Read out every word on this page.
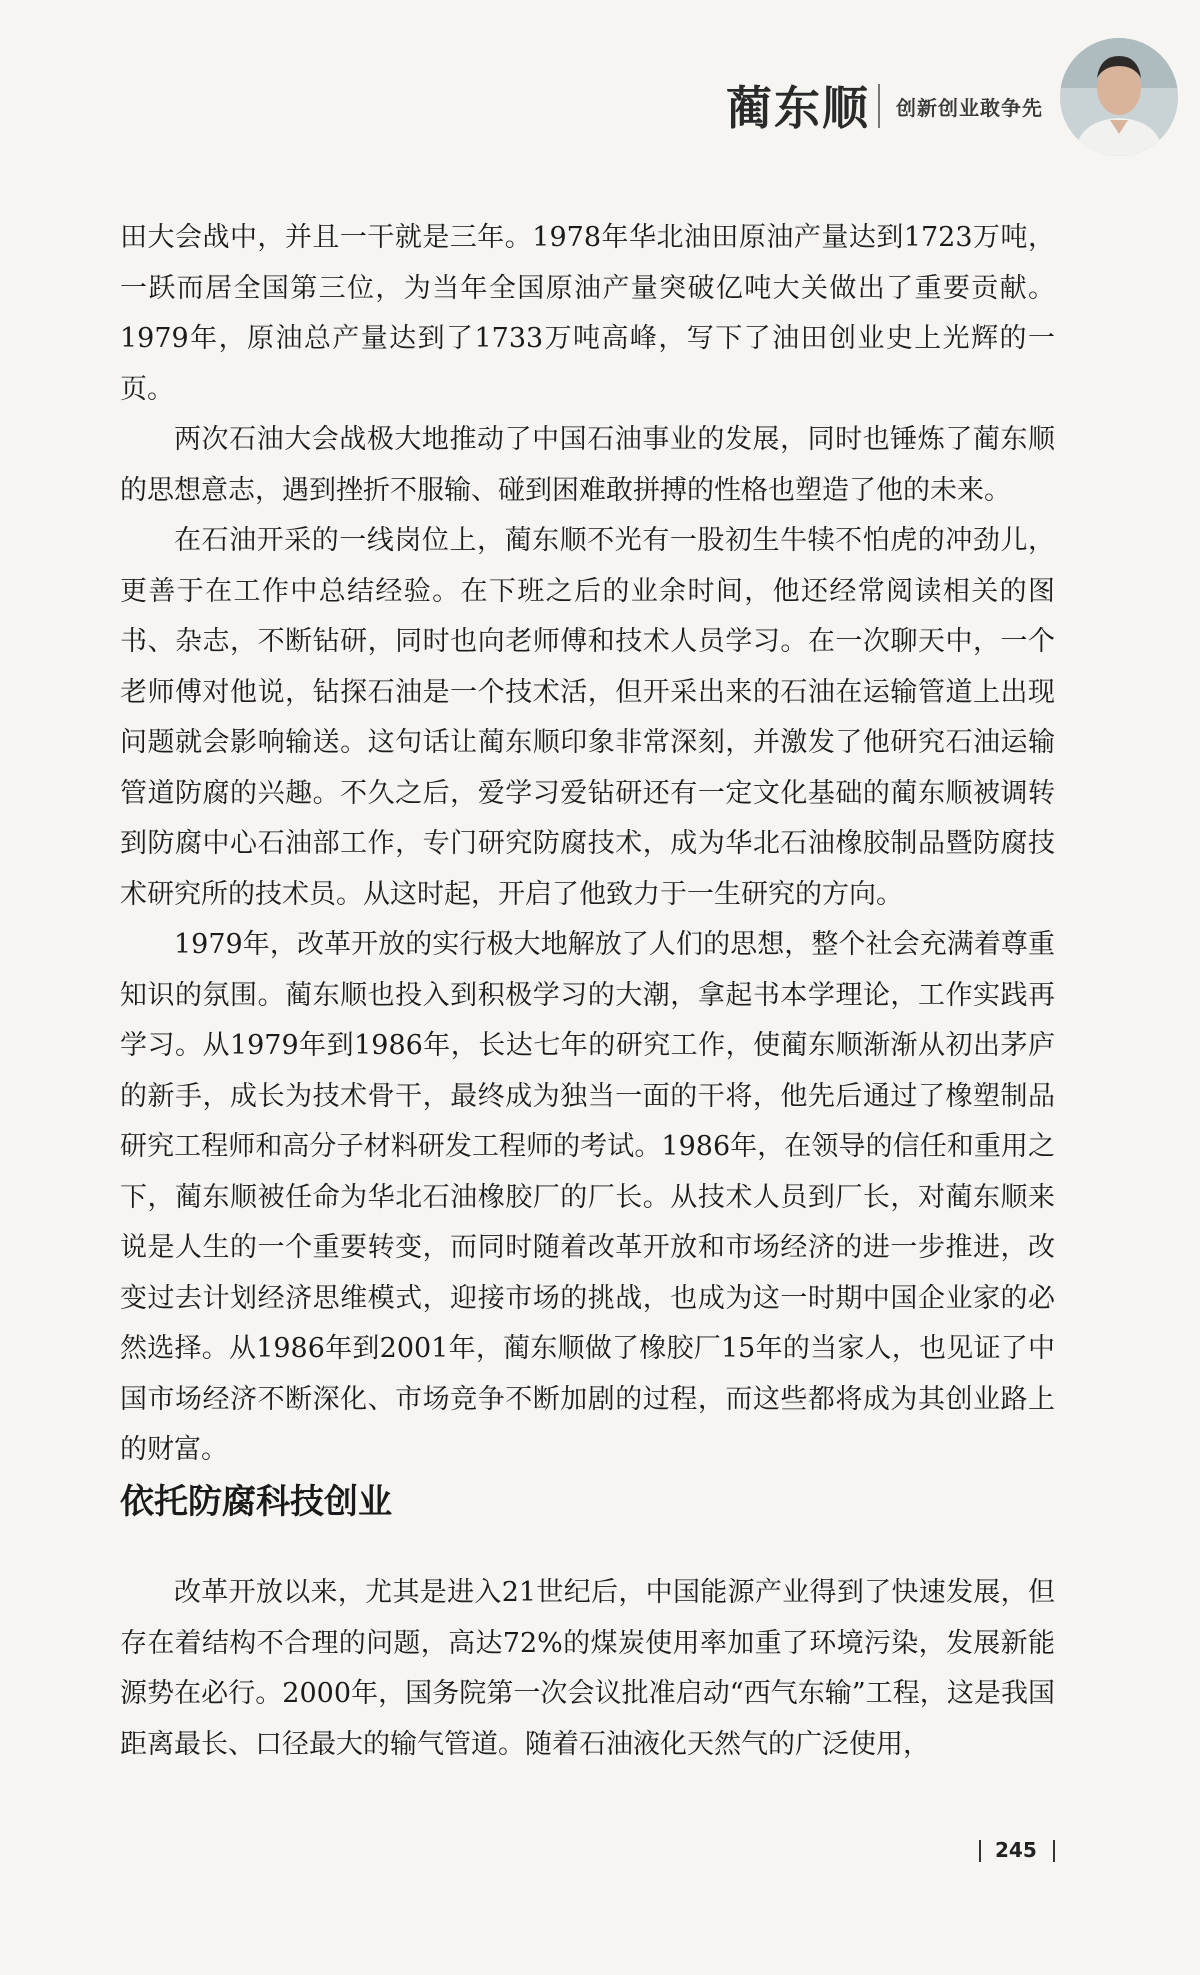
蔺东顺 创新创业敢争先

田大会战中，并且一干就是三年。1978年华北油田原油产量达到1723万吨，一跃而居全国第三位，为当年全国原油产量突破亿吨大关做出了重要贡献。1979年，原油总产量达到了1733万吨高峰，写下了油田创业史上光辉的一页。

两次石油大会战极大地推动了中国石油事业的发展，同时也锤炼了蔺东顺的思想意志，遇到挫折不服输、碰到困难敢拼搏的性格也塑造了他的未来。

在石油开采的一线岗位上，蔺东顺不光有一股初生牛犊不怕虎的冲劲儿，更善于在工作中总结经验。在下班之后的业余时间，他还经常阅读相关的图书、杂志，不断钻研，同时也向老师傅和技术人员学习。在一次聊天中，一个老师傅对他说，钻探石油是一个技术活，但开采出来的石油在运输管道上出现问题就会影响输送。这句话让蔺东顺印象非常深刻，并激发了他研究石油运输管道防腐的兴趣。不久之后，爱学习爱钻研还有一定文化基础的蔺东顺被调转到防腐中心石油部工作，专门研究防腐技术，成为华北石油橡胶制品暨防腐技术研究所的技术员。从这时起，开启了他致力于一生研究的方向。

1979年，改革开放的实行极大地解放了人们的思想，整个社会充满着尊重知识的氛围。蔺东顺也投入到积极学习的大潮，拿起书本学理论，工作实践再学习。从1979年到1986年，长达七年的研究工作，使蔺东顺渐渐从初出茅庐的新手，成长为技术骨干，最终成为独当一面的干将，他先后通过了橡塑制品研究工程师和高分子材料研发工程师的考试。1986年，在领导的信任和重用之下，蔺东顺被任命为华北石油橡胶厂的厂长。从技术人员到厂长，对蔺东顺来说是人生的一个重要转变，而同时随着改革开放和市场经济的进一步推进，改变过去计划经济思维模式，迎接市场的挑战，也成为这一时期中国企业家的必然选择。从1986年到2001年，蔺东顺做了橡胶厂15年的当家人，也见证了中国市场经济不断深化、市场竞争不断加剧的过程，而这些都将成为其创业路上的财富。

依托防腐科技创业

改革开放以来，尤其是进入21世纪后，中国能源产业得到了快速发展，但存在着结构不合理的问题，高达72%的煤炭使用率加重了环境污染，发展新能源势在必行。2000年，国务院第一次会议批准启动“西气东输”工程，这是我国距离最长、口径最大的输气管道。随着石油液化天然气的广泛使用，

245
